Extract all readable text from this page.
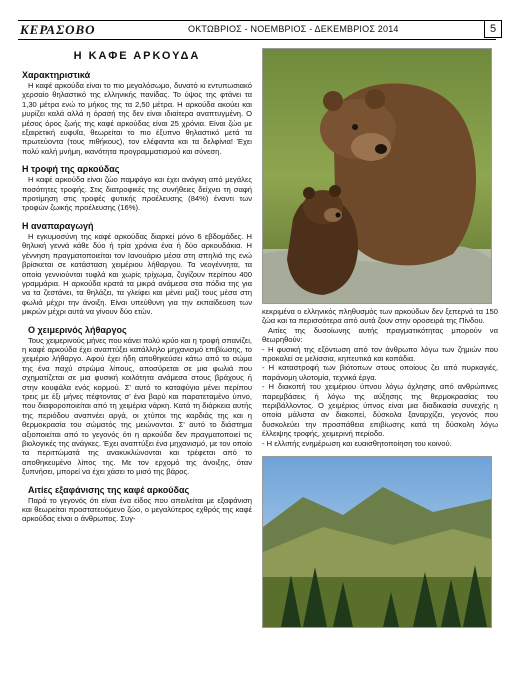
ΚΕΡΑΣΟΒΟ	ΟΚΤΩΒΡΙΟΣ - ΝΟΕΜΒΡΙΟΣ - ΔΕΚΕΜΒΡΙΟΣ 2014	5
Η ΚΑΦΕ ΑΡΚΟΥΔΑ
Χαρακτηριστικά

Η καφέ αρκούδα είναι το πιο μεγαλόσωμο, δυνατό κι εντυπωσιακό χερσαίο θηλαστικό της ελληνικής πανίδας. Το ύψος της φτάνει τα 1,30 μέτρα ενώ το μήκος της τα 2,50 μέτρα. Η αρκούδα ακούει και μυρίζει καλά αλλά η όρασή της δεν είναι ιδιαίτερα αναπτυγμένη. Ο μέσος όρος ζωής της καφέ αρκούδας είναι 25 χρόνια. Είναι ζώο με εξαιρετική ευφυΐα, θεωρείται το πιο έξυπνο θηλαστικό μετά τα πρωτεύοντα (τους πιθήκους), τον ελέφαντα και τα δελφίνια! Έχει πολύ καλή μνήμη, ικανότητα προγραμματισμού και σύνεση.

Η τροφή της αρκούδας

Η καφέ αρκούδα είναι ζώο παμφάγο και έχει ανάγκη από μεγάλες ποσότητες τροφής. Στις διατροφικές της συνήθειες δείχνει τη σαφή προτίμηση στις τροφές φυτικής προέλευσης (84%) έναντι των τροφών ζωικής προέλευσης (16%).

Η αναπαραγωγή

Η εγκυμοσύνη της καφέ αρκούδας διαρκεί μόνο 6 εβδομάδες. Η θηλυκή γεννά κάθε δύο ή τρία χρόνια ένα ή δύο αρκουδάκια. Η γέννηση πραγματοποιείται τον Ιανουάριο μέσα στη σπηλιά της ενώ βρίσκεται σε κατάσταση χειμέριου λήθαργου. Τα νεογέννητα, τα οποία γεννιούνται τυφλά και χωρίς τρίχωμα, ζυγίζουν περίπου 400 γραμμάρια. Η αρκούδα κρατά τα μικρά ανάμεσα στα πόδια της για να τα ζεστάνει, τα θηλάζει, τα γλείφει και μένει μαζί τους μέσα στη φωλιά μέχρι την άνοιξη. Είναι υπεύθυνη για την εκπαίδευση των μικρών μέχρι αυτά να γίνουν δύο ετών.

Ο χειμερινός λήθαργος

Τους χειμερινούς μήνες που κάνει πολύ κρύο και η τροφή σπανίζει, η καφέ αρκούδα έχει αναπτύξει κατάλληλο μηχανισμό επιβίωσης, το χειμέριο λήθαργο. Αφού έχει ήδη αποθηκεύσει κάτω από το σώμα της ένα παχύ στρώμα λίπους, αποσύρεται σε μια φωλιά που σχηματίζεται σε μια φυσική κοιλότητα ανάμεσα στους βράχους ή στην κουφάλα ενός κορμού. Σ' αυτό το καταφύγιο μένει περίπου τρεις με έξι μήνες πέφτοντας σ' ένα βαρύ και παρατεταμένο ύπνο, που διαφοροποιείται από τη χειμέρια νάρκη. Κατά τη διάρκεια αυτής της περιόδου αναπνέει αργά, οι χτύποι της καρδιάς της και η θερμοκρασία του σώματός της μειώνονται. Σ' αυτό το διάστημα αξιοποιείται από το γεγονός ότι η αρκούδα δεν πραγματοποιεί τις βιολογικές της ανάγκες. Έχει αναπτύξει ένα μηχανισμό, με τον οποίο τα περιττώματά της ανακυκλώνονται και τρέφεται από το αποθηκευμένο λίπος της. Με τον ερχομό της άνοιξης, όταν ξυπνήσει, μπορεί να έχει χάσει το μισό της βάρος.

Αιτίες εξαφάνισης της καφέ αρκούδας

Παρά το γεγονός ότι είναι ένα είδος που απειλείται με εξαφάνιση και θεωρείται προστατευόμενο ζώο, ο μεγαλύτερος εχθρός της καφέ αρκούδας είναι ο άνθρωπος. Συγ-

κεκριμένα ο ελληνικός πληθυσμός των αρκούδων δεν ξεπερνά τα 150 ζώα και τα περισσότερα από αυτά ζουν στην οροσειρά της Πίνδου.

Αιτίες της δυσοίωνης αυτής πραγματικότητας μπορούν να θεωρηθούν:

- Η φυσική της εξόντωση από τον άνθρωπο λόγω των ζημιών που προκαλεί σε μελίσσια, κηπευτικά και κοπάδια.

- Η καταστροφή των βιότοπων στους οποίους ζει από πυρκαγιές, παράνομη υλοτομία, τεχνικά έργα.

- Η διακοπή του χειμέριου ύπνου λόγω όχλησης από ανθρώπινες παρεμβάσεις ή λόγω της αύξησης της θερμοκρασίας του περιβάλλοντος. Ο χειμέριος ύπνος είναι μια διαδικασία συνεχής η οποία μάλιστα αν διακοπεί, δύσκολα ξαναρχίζει, γεγονός που δυσκολεύει την προσπάθεια επιβίωσης κατά τη δύσκολη λόγω έλλειψης τροφής, χειμερινή περίοδο.

- Η ελλιπής ενημέρωση και ευαισθητοποίηση του κοινού.
